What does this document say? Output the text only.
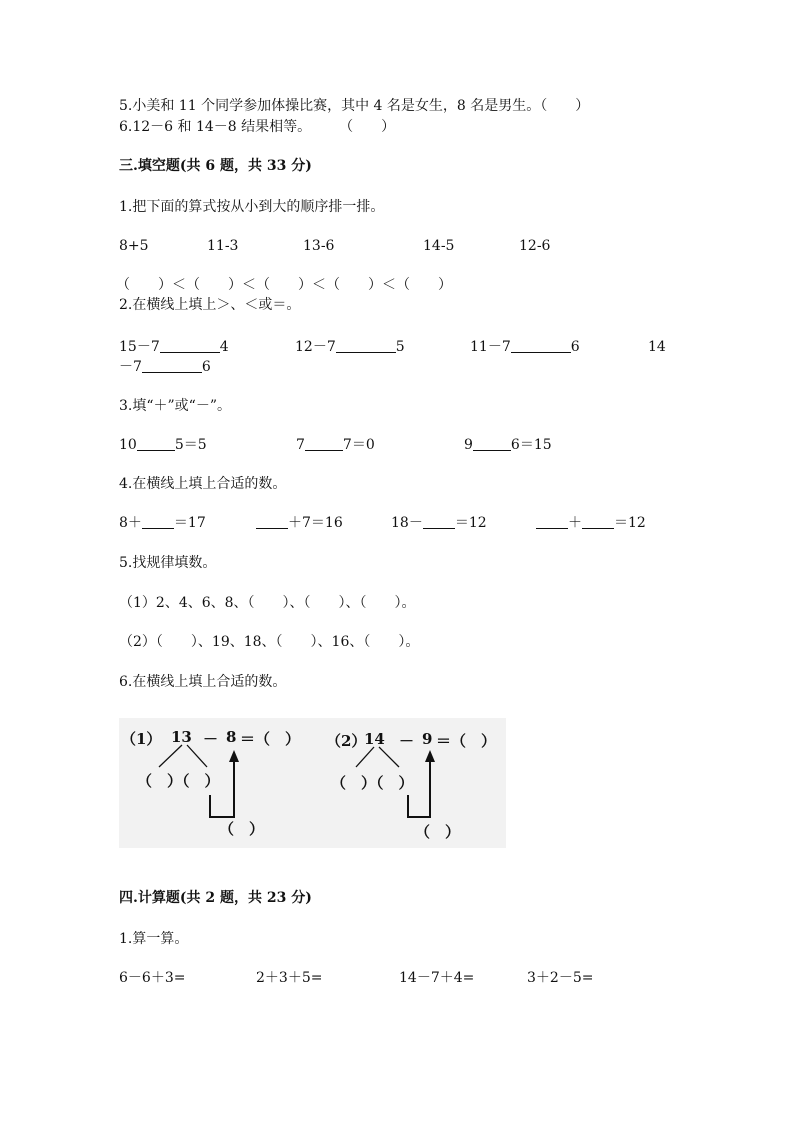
5.小美和 11 个同学参加体操比赛，其中 4 名是女生，8 名是男生。（　　）
6.12－6 和 14－8 结果相等。　　　（　　）
三.填空题(共 6 题，共 33 分)
1.把下面的算式按从小到大的顺序排一排。
8+5	11-3	13-6	14-5	12-6
（　　）＜（　　）＜（　　）＜（　　）＜（　　）
2.在横线上填上＞、＜或＝。
15－7	4	12－7	5	11－7	6	14
－7	6
3.填“＋”或“－”。
10	5＝5	7	7＝0	9	6＝15
4.在横线上填上合适的数。
8＋ ＝17	＋7＝16	18－ ＝12	＋ ＝12
5.找规律填数。
（1）2、4、6、8、（　　）、（　　）、（　　）。
（2）（　　）、19、18、（　　）、16、（　　）。
6.在横线上填上合适的数。
（1） 13 － 8 ＝（　）
（　）（　）
（　）
（2）
14 － 9 ＝（　）
（　）（　）
（　）
四.计算题(共 2 题，共 23 分)
1.算一算。
6－6＋3=	2＋3＋5=	14－7＋4=	3＋2－5=
